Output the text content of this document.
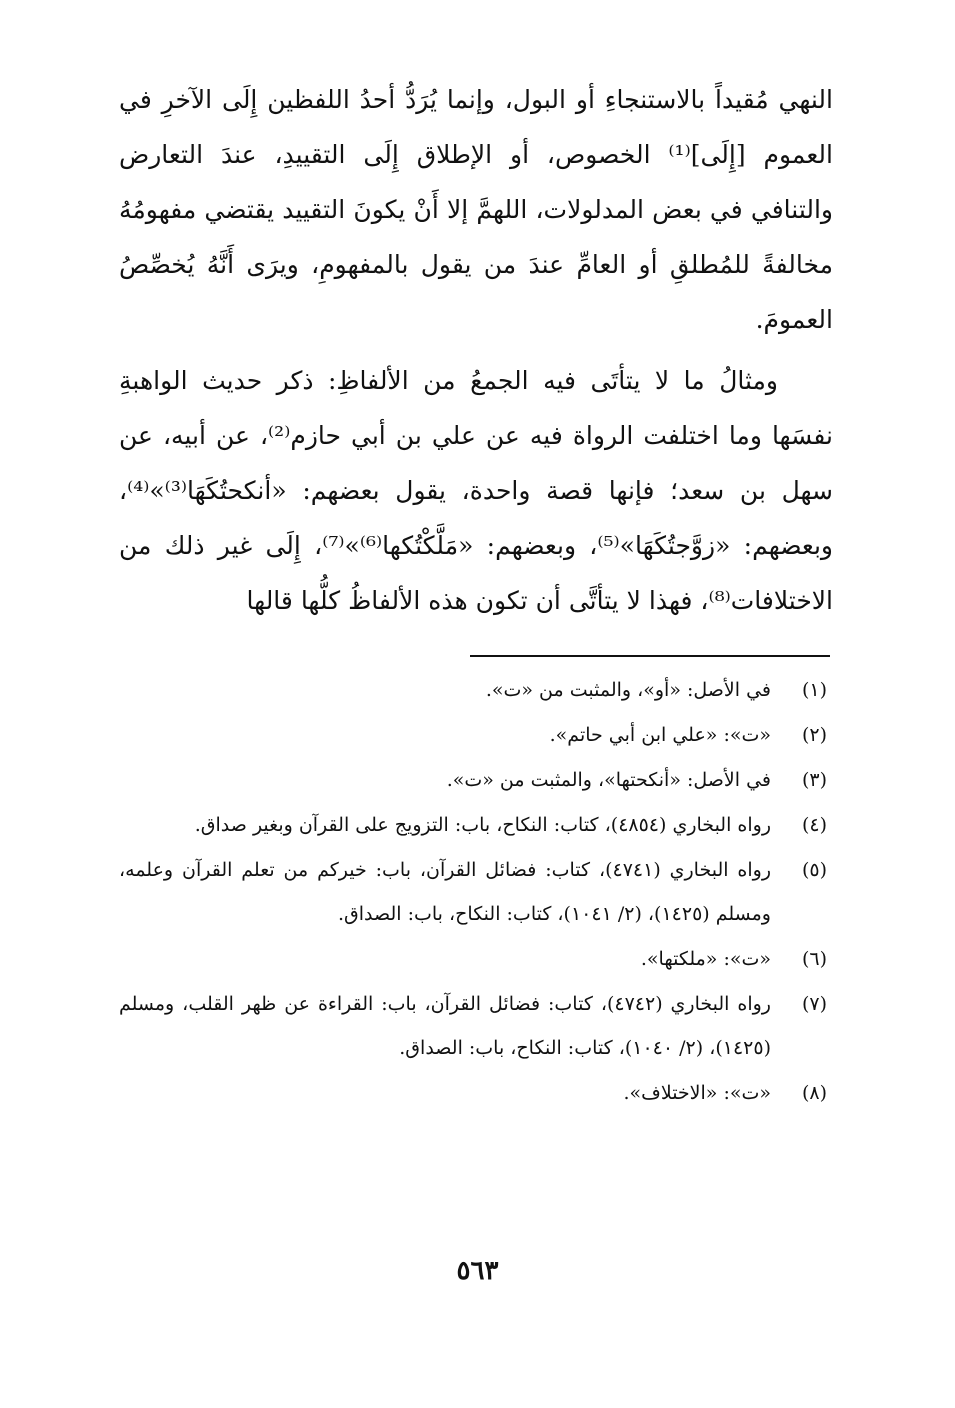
النهي مُقيداً بالاستنجاءِ أو البول، وإنما يُرَدُّ أحدُ اللفظين إِلَى الآخرِ في العموم [إِلَى]⁽¹⁾ الخصوص، أو الإطلاق إِلَى التقييدِ، عندَ التعارض والتنافي في بعض المدلولات، اللهمَّ إلا أَنْ يكونَ التقييد يقتضي مفهومُهُ مخالفةً للمُطلقِ أو العامِّ عندَ من يقول بالمفهومِ، ويرَى أَنَّهُ يُخصِّصُ العمومَ.

ومثالُ ما لا يتأتَى فيه الجمعُ من الألفاظِ: ذكر حديث الواهبةِ نفسَها وما اختلفت الرواة فيه عن علي بن أبي حازم⁽²⁾، عن أبيه، عن سهل بن سعد؛ فإنها قصة واحدة، يقول بعضهم: «أنكحتُكَهَا⁽³⁾»⁽⁴⁾، وبعضهم: «زوَّجتُكَهَا»⁽⁵⁾، وبعضهم: «مَلَّكْتُكها⁽⁶⁾»⁽⁷⁾، إِلَى غير ذلك من الاختلافات⁽⁸⁾، فهذا لا يتأتَّى أن تكون هذه الألفاظُ كلُّها قالها

(١)
في الأصل: «أو»، والمثبت من «ت».
(٢)
«ت»: «علي ابن أبي حاتم».
(٣)
في الأصل: «أنكحتها»، والمثبت من «ت».
(٤)
رواه البخاري (٤٨٥٤)، كتاب: النكاح، باب: التزويج على القرآن وبغير صداق.
(٥)
رواه البخاري (٤٧٤١)، كتاب: فضائل القرآن، باب: خيركم من تعلم القرآن وعلمه، ومسلم (١٤٢٥)، (٢/ ١٠٤١)، كتاب: النكاح، باب: الصداق.
(٦)
«ت»: «ملكتها».
(٧)
رواه البخاري (٤٧٤٢)، كتاب: فضائل القرآن، باب: القراءة عن ظهر القلب، ومسلم (١٤٢٥)، (٢/ ١٠٤٠)، كتاب: النكاح، باب: الصداق.
(٨)
«ت»: «الاختلاف».
٥٦٣
